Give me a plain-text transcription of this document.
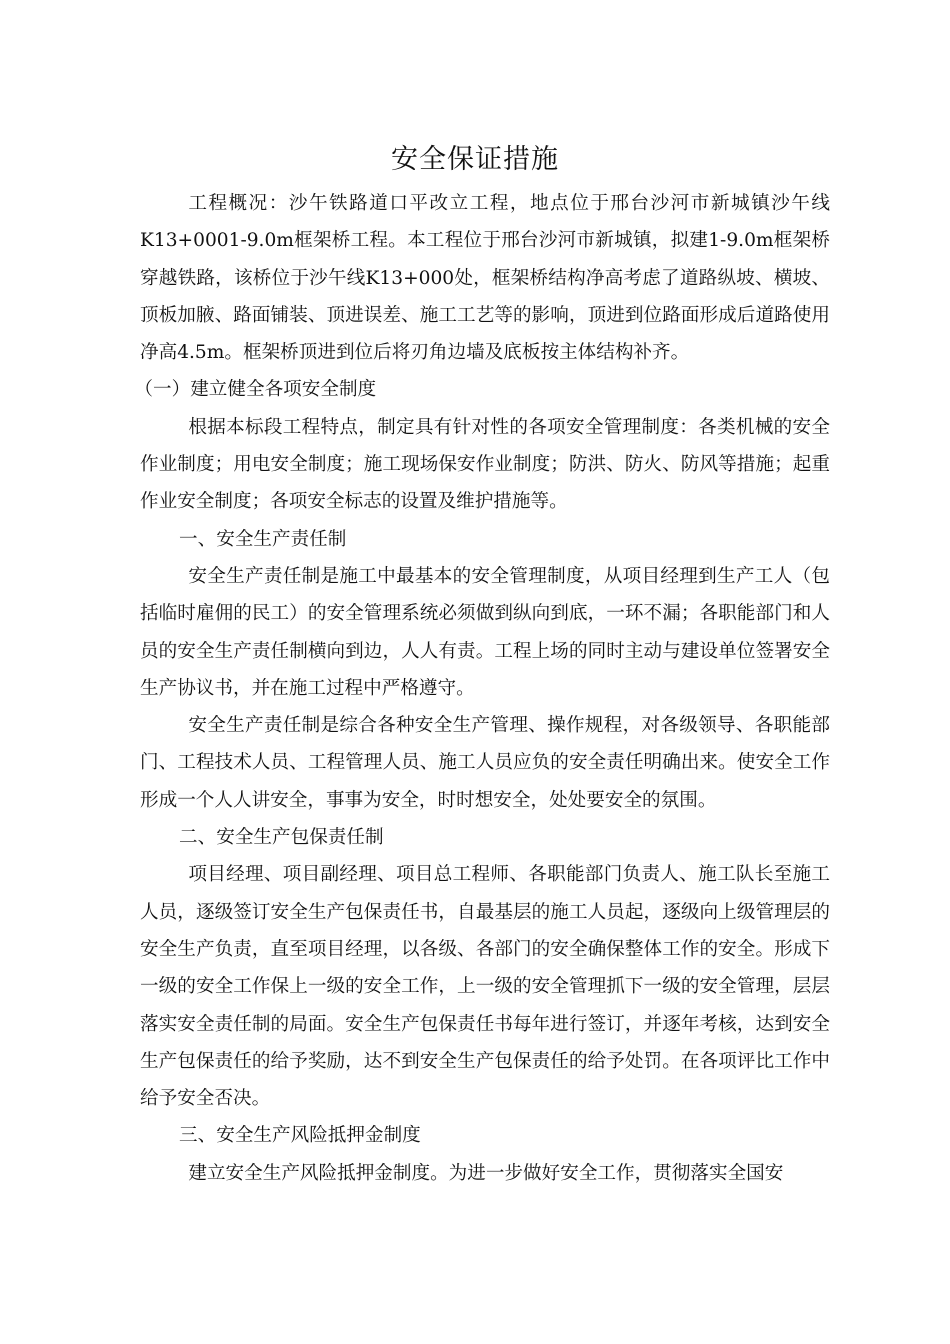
安全保证措施

工程概况：沙午铁路道口平改立工程，地点位于邢台沙河市新城镇沙午线K13+0001-9.0m框架桥工程。本工程位于邢台沙河市新城镇，拟建1-9.0m框架桥穿越铁路，该桥位于沙午线K13+000处，框架桥结构净高考虑了道路纵坡、横坡、顶板加腋、路面铺装、顶进误差、施工工艺等的影响，顶进到位路面形成后道路使用净高4.5m。框架桥顶进到位后将刃角边墙及底板按主体结构补齐。

（一）建立健全各项安全制度

根据本标段工程特点，制定具有针对性的各项安全管理制度：各类机械的安全作业制度；用电安全制度；施工现场保安作业制度；防洪、防火、防风等措施；起重作业安全制度；各项安全标志的设置及维护措施等。

一、安全生产责任制

安全生产责任制是施工中最基本的安全管理制度，从项目经理到生产工人（包括临时雇佣的民工）的安全管理系统必须做到纵向到底，一环不漏；各职能部门和人员的安全生产责任制横向到边，人人有责。工程上场的同时主动与建设单位签署安全生产协议书，并在施工过程中严格遵守。

安全生产责任制是综合各种安全生产管理、操作规程，对各级领导、各职能部门、工程技术人员、工程管理人员、施工人员应负的安全责任明确出来。使安全工作形成一个人人讲安全，事事为安全，时时想安全，处处要安全的氛围。

二、安全生产包保责任制

项目经理、项目副经理、项目总工程师、各职能部门负责人、施工队长至施工人员，逐级签订安全生产包保责任书，自最基层的施工人员起，逐级向上级管理层的安全生产负责，直至项目经理，以各级、各部门的安全确保整体工作的安全。形成下一级的安全工作保上一级的安全工作，上一级的安全管理抓下一级的安全管理，层层落实安全责任制的局面。安全生产包保责任书每年进行签订，并逐年考核，达到安全生产包保责任的给予奖励，达不到安全生产包保责任的给予处罚。在各项评比工作中给予安全否决。

三、安全生产风险抵押金制度

建立安全生产风险抵押金制度。为进一步做好安全工作，贯彻落实全国安
